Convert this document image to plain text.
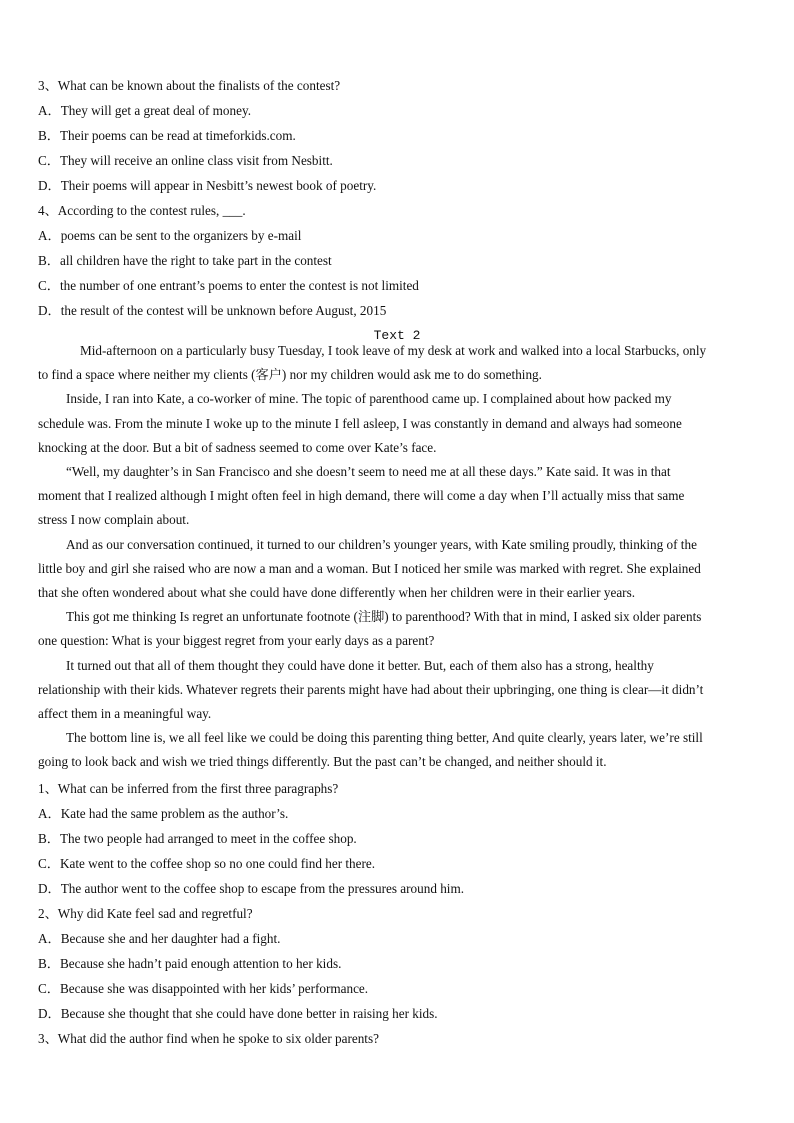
Text 2
3、What can be known about the finalists of the contest?
A．They will get a great deal of money.
B．Their poems can be read at timeforkids.com.
C．They will receive an online class visit from Nesbitt.
D．Their poems will appear in Nesbitt’s newest book of poetry.
4、According to the contest rules, ___.
A．poems can be sent to the organizers by e-mail
B．all children have the right to take part in the contest
C．the number of one entrant’s poems to enter the contest is not limited
D．the result of the contest will be unknown before August, 2015
Mid-afternoon on a particularly busy Tuesday, I took leave of my desk at work and walked into a local Starbucks, only
to find a space where neither my clients (客户) nor my children would ask me to do something.
Inside, I ran into Kate, a co-worker of mine. The topic of parenthood came up. I complained about how packed my
schedule was. From the minute I woke up to the minute I fell asleep, I was constantly in demand and always had someone
knocking at the door. But a bit of sadness seemed to come over Kate’s face.
“Well, my daughter’s in San Francisco and she doesn’t seem to need me at all these days.” Kate said. It was in that
moment that I realized although I might often feel in high demand, there will come a day when I’ll actually miss that same
stress I now complain about.
And as our conversation continued, it turned to our children’s younger years, with Kate smiling proudly, thinking of the
little boy and girl she raised who are now a man and a woman. But I noticed her smile was marked with regret. She explained
that she often wondered about what she could have done differently when her children were in their earlier years.
This got me thinking Is regret an unfortunate footnote (注脚) to parenthood? With that in mind, I asked six older parents
one question: What is your biggest regret from your early days as a parent?
It turned out that all of them thought they could have done it better. But, each of them also has a strong, healthy
relationship with their kids. Whatever regrets their parents might have had about their upbringing, one thing is clear—it didn’t
affect them in a meaningful way.
The bottom line is, we all feel like we could be doing this parenting thing better, And quite clearly, years later, we’re still
going to look back and wish we tried things differently. But the past can’t be changed, and neither should it.
1、What can be inferred from the first three paragraphs?
A．Kate had the same problem as the author’s.
B．The two people had arranged to meet in the coffee shop.
C．Kate went to the coffee shop so no one could find her there.
D．The author went to the coffee shop to escape from the pressures around him.
2、Why did Kate feel sad and regretful?
A．Because she and her daughter had a fight.
B．Because she hadn’t paid enough attention to her kids.
C．Because she was disappointed with her kids’ performance.
D．Because she thought that she could have done better in raising her kids.
3、What did the author find when he spoke to six older parents?
